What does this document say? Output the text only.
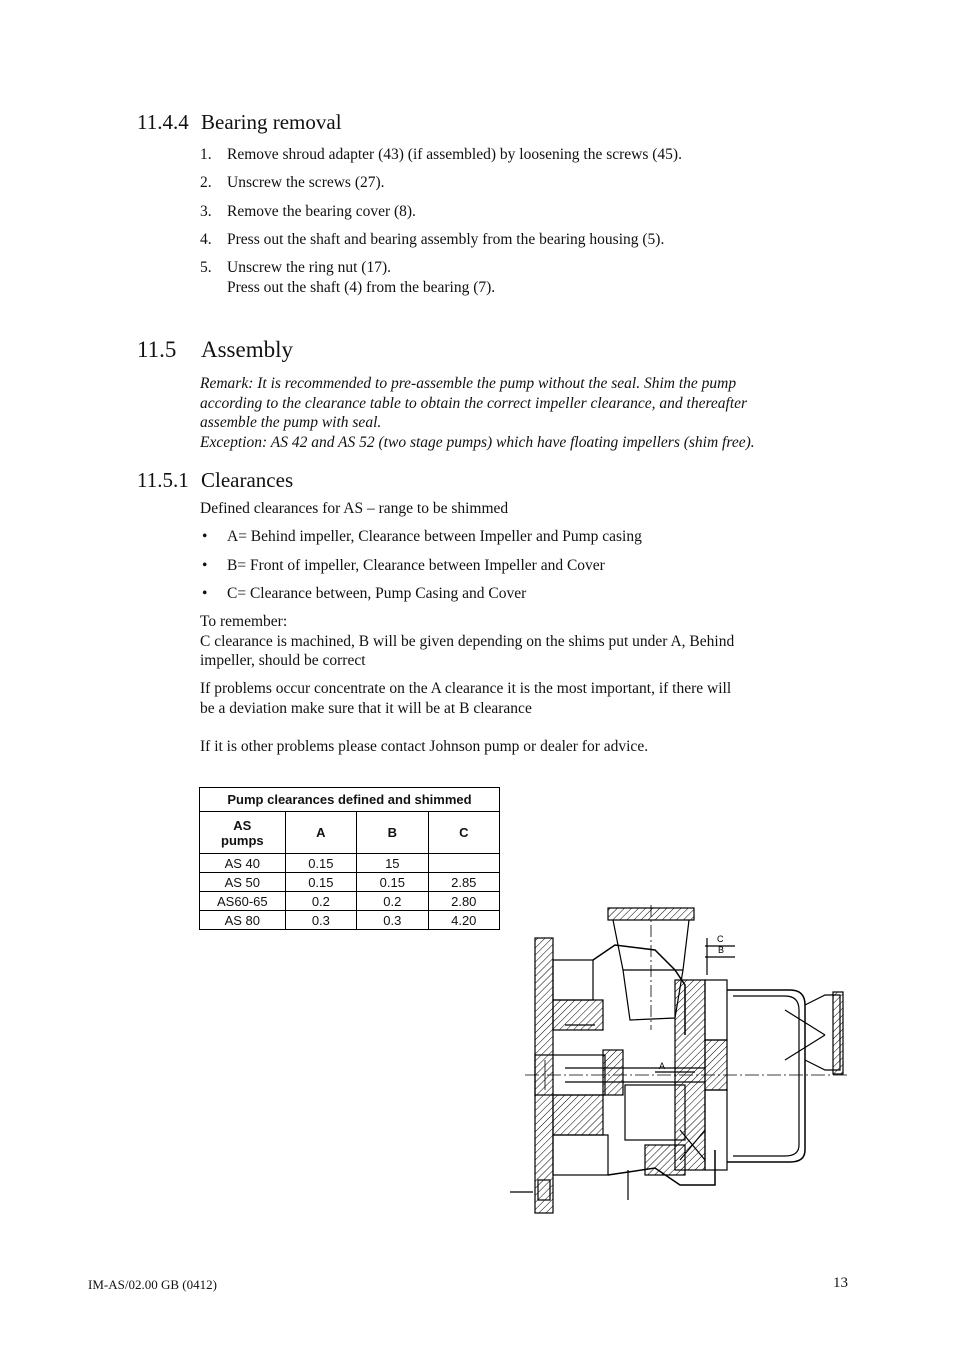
11.4.4 Bearing removal
1. Remove shroud adapter (43) (if assembled) by loosening the screws (45).
2. Unscrew the screws (27).
3. Remove the bearing cover (8).
4. Press out the shaft and bearing assembly from the bearing housing (5).
5. Unscrew the ring nut (17).
Press out the shaft (4) from the bearing (7).
11.5 Assembly
Remark: It is recommended to pre-assemble the pump without the seal. Shim the pump
according to the clearance table to obtain the correct impeller clearance, and thereafter
assemble the pump with seal.
Exception: AS 42 and AS 52 (two stage pumps) which have floating impellers (shim free).
11.5.1 Clearances

Defined clearances for AS – range to be shimmed

• A= Behind impeller, Clearance between Impeller and Pump casing
• B= Front of impeller, Clearance between Impeller and Cover
• C= Clearance between, Pump Casing and Cover
To remember:
C clearance is machined, B will be given depending on the shims put under A, Behind
impeller, should be correct
If problems occur concentrate on the A clearance it is the most important, if there will
be a deviation make sure that it will be at B clearance

If it is other problems please contact Johnson pump or dealer for advice.

Pump clearances defined and shimmed			

AS
pumps	A	B	C
AS 40	0.15	15	
AS 50	0.15	0.15	2.85
AS60-65	0.2	0.2	2.80
AS 80	0.3	0.3	4.20
C
B
A
IM-AS/02.00 GB (0412)	13
